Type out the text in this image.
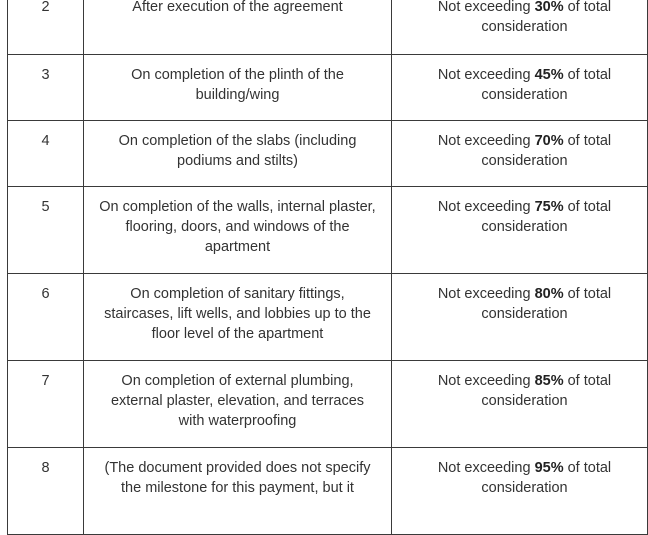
2	After execution of the agreement	Not exceeding 30% of total consideration
3	On completion of the plinth of the building/wing	Not exceeding 45% of total consideration
4	On completion of the slabs (including podiums and stilts)	Not exceeding 70% of total consideration
5	On completion of the walls, internal plaster, flooring, doors, and windows of the apartment	Not exceeding 75% of total consideration
6	On completion of sanitary fittings, staircases, lift wells, and lobbies up to the floor level of the apartment	Not exceeding 80% of total consideration
7	On completion of external plumbing, external plaster, elevation, and terraces with waterproofing	Not exceeding 85% of total consideration
8	(The document provided does not specify the milestone for this payment, but it	Not exceeding 95% of total consideration
